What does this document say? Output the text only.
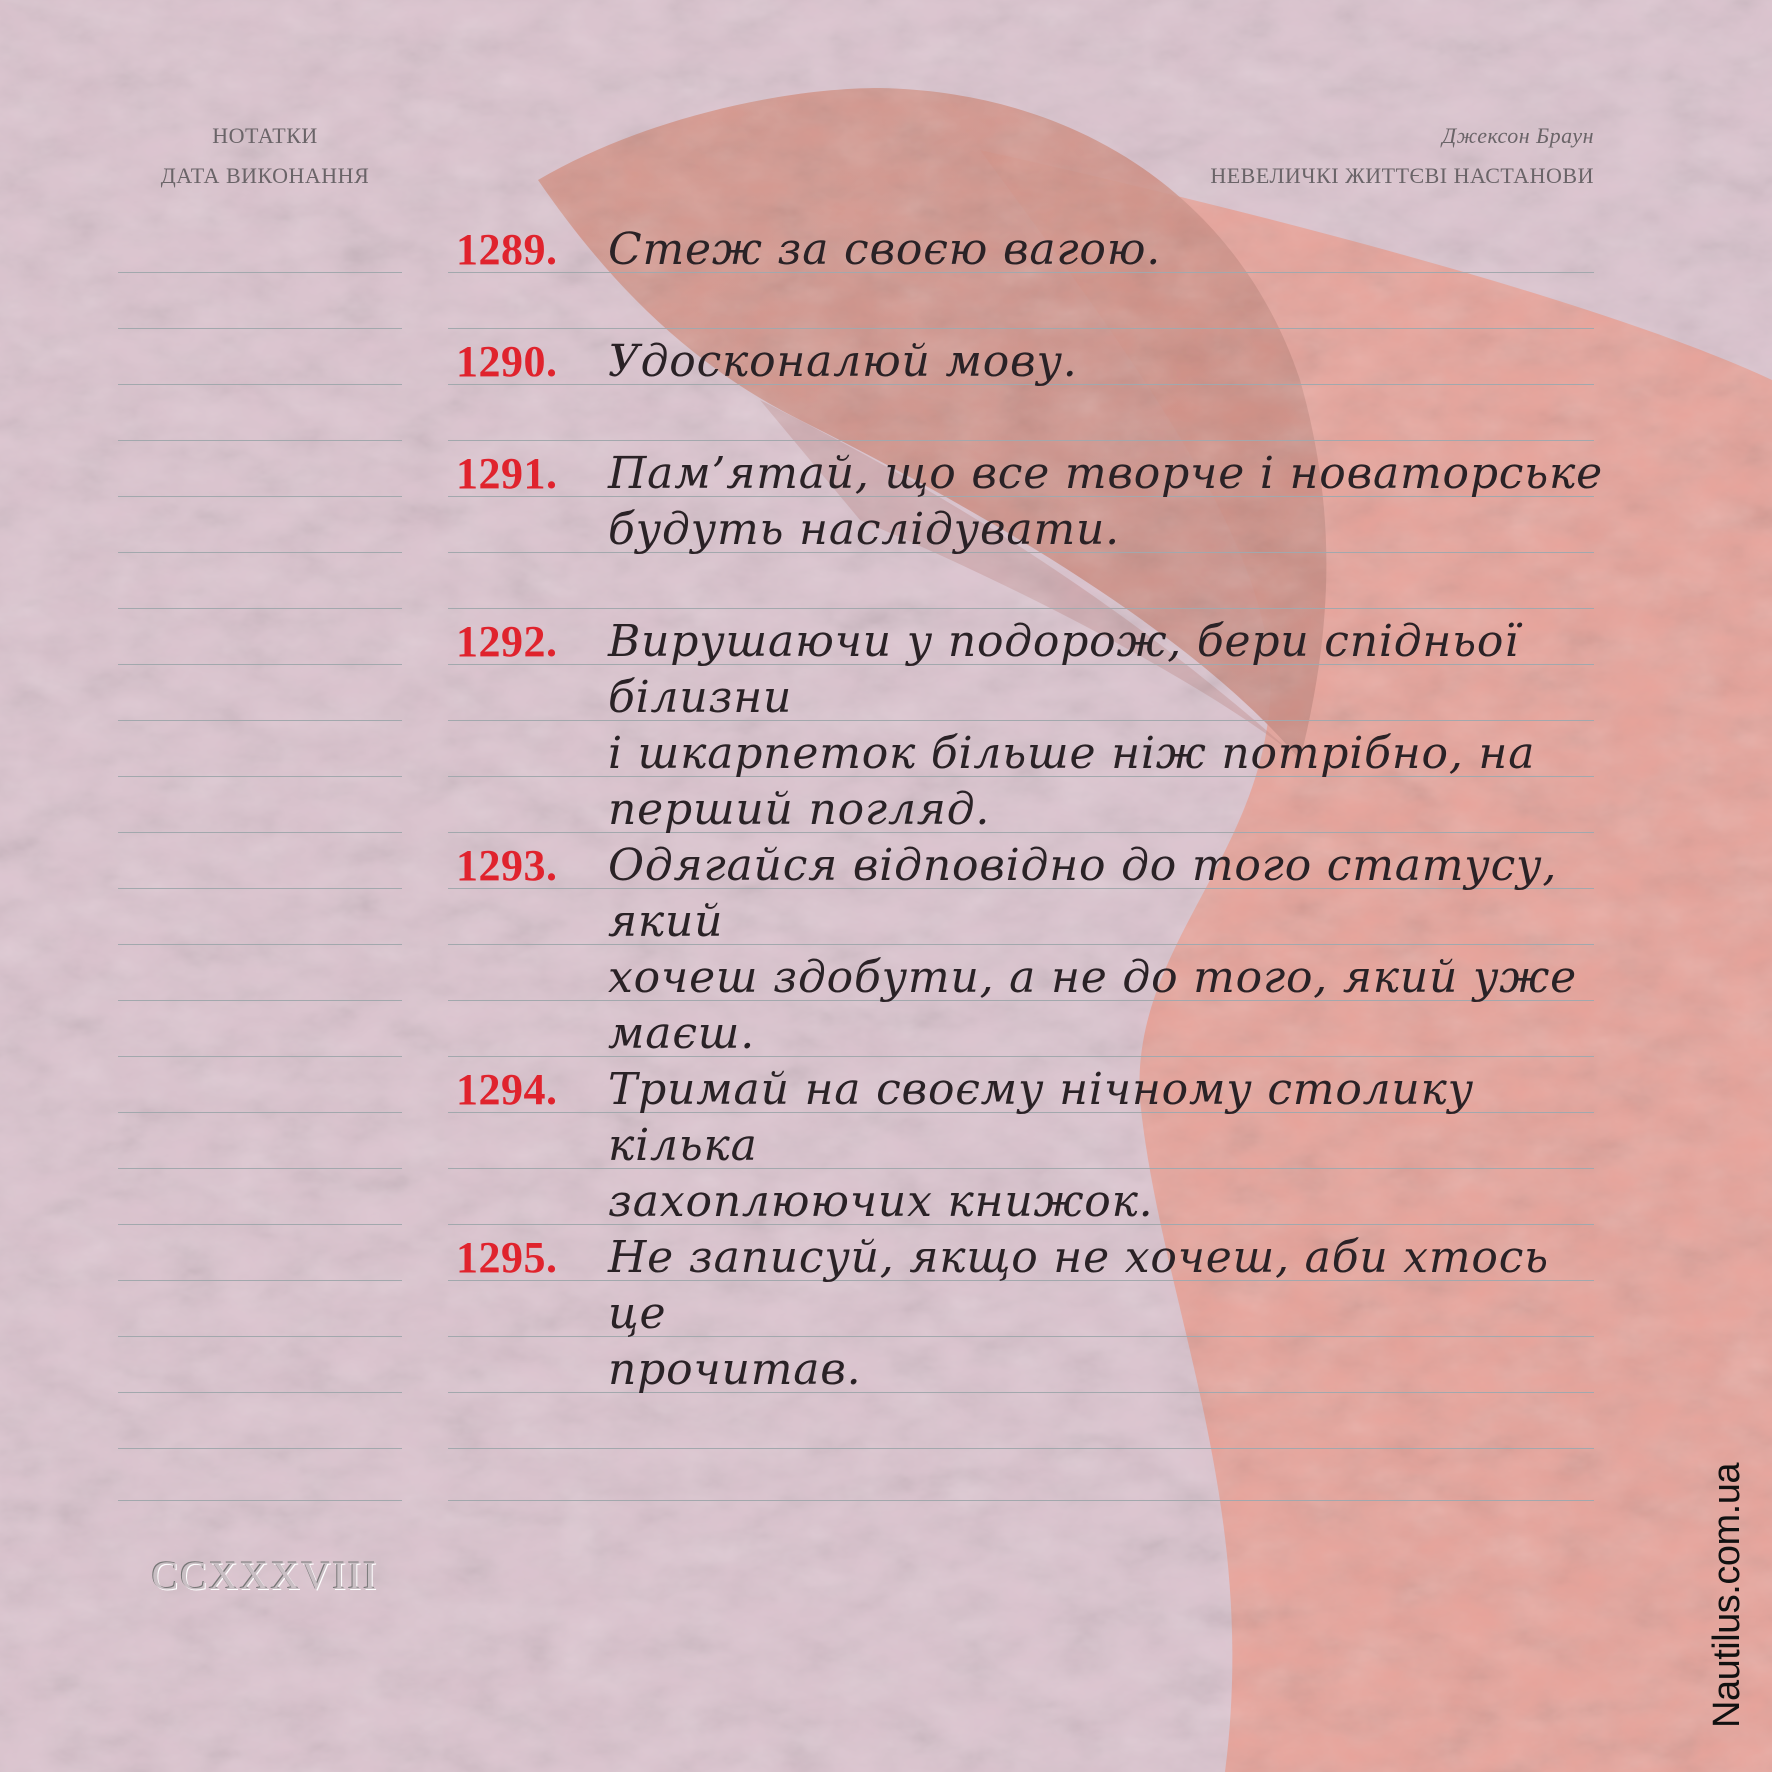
НОТАТКИ
ДАТА ВИКОНАННЯ
Джексон Браун
НЕВЕЛИЧКІ ЖИТТЄВІ НАСТАНОВИ
1289. Стеж за своєю вагою.
1290. Удосконалюй мову.
1291. Пам’ятай, що все творче і новаторське
будуть наслідувати.
1292. Вирушаючи у подорож, бери спідньої білизни
і шкарпеток більше ніж потрібно, на
перший погляд.
1293. Одягайся відповідно до того статусу, який
хочеш здобути, а не до того, який уже
маєш.
1294. Тримай на своєму нічному столику кілька
захоплюючих книжок.
1295. Не записуй, якщо не хочеш, аби хтось це
прочитав.
CCXXXVIII	Nautilus.com.ua
